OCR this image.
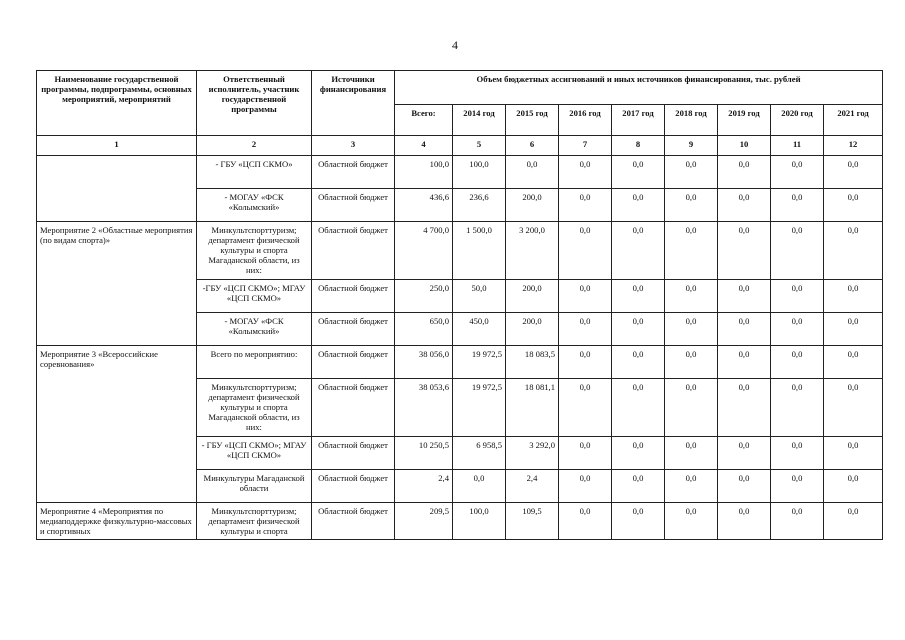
4
Наименование государственной программы, подпрограммы, основных мероприятий, мероприятий	Ответственный исполнитель, участник государственной программы	Источники финансирования	Объем бюджетных ассигнований и иных источников финансирования, тыс. рублей								
			Всего:	2014 год	2015 год	2016 год	2017 год	2018 год	2019 год	2020 год	2021 год
1	2	3	4	5	6	7	8	9	10	11	12
	- ГБУ «ЦСП СКМО»	Областной бюджет	100,0	100,0	0,0	0,0	0,0	0,0	0,0	0,0	0,0
	- МОГАУ «ФСК «Колымский»	Областной бюджет	436,6	236,6	200,0	0,0	0,0	0,0	0,0	0,0	0,0
Мероприятие 2 «Областные мероприятия (по видам спорта)»	Минкультспорттуризм; департамент физической культуры и спорта Магаданской области, из них:	Областной бюджет	4 700,0	1 500,0	3 200,0	0,0	0,0	0,0	0,0	0,0	0,0
	-ГБУ «ЦСП СКМО»; МГАУ «ЦСП СКМО»	Областной бюджет	250,0	50,0	200,0	0,0	0,0	0,0	0,0	0,0	0,0
	- МОГАУ «ФСК «Колымский»	Областной бюджет	650,0	450,0	200,0	0,0	0,0	0,0	0,0	0,0	0,0
Мероприятие 3 «Всероссийские соревнования»	Всего по мероприятию:	Областной бюджет	38 056,0	19 972,5	18 083,5	0,0	0,0	0,0	0,0	0,0	0,0
	Минкультспорттуризм; департамент физической культуры и спорта Магаданской области, из них:	Областной бюджет	38 053,6	19 972,5	18 081,1	0,0	0,0	0,0	0,0	0,0	0,0
	- ГБУ «ЦСП СКМО»; МГАУ «ЦСП СКМО»	Областной бюджет	10 250,5	6 958,5	3 292,0	0,0	0,0	0,0	0,0	0,0	0,0
	Минкультуры Магаданской области	Областной бюджет	2,4	0,0	2,4	0,0	0,0	0,0	0,0	0,0	0,0
Мероприятие 4 «Мероприятия по медиаподдержке физкультурно-массовых и спортивных	Минкультспорттуризм; департамент физической культуры и спорта	Областной бюджет	209,5	100,0	109,5	0,0	0,0	0,0	0,0	0,0	0,0
